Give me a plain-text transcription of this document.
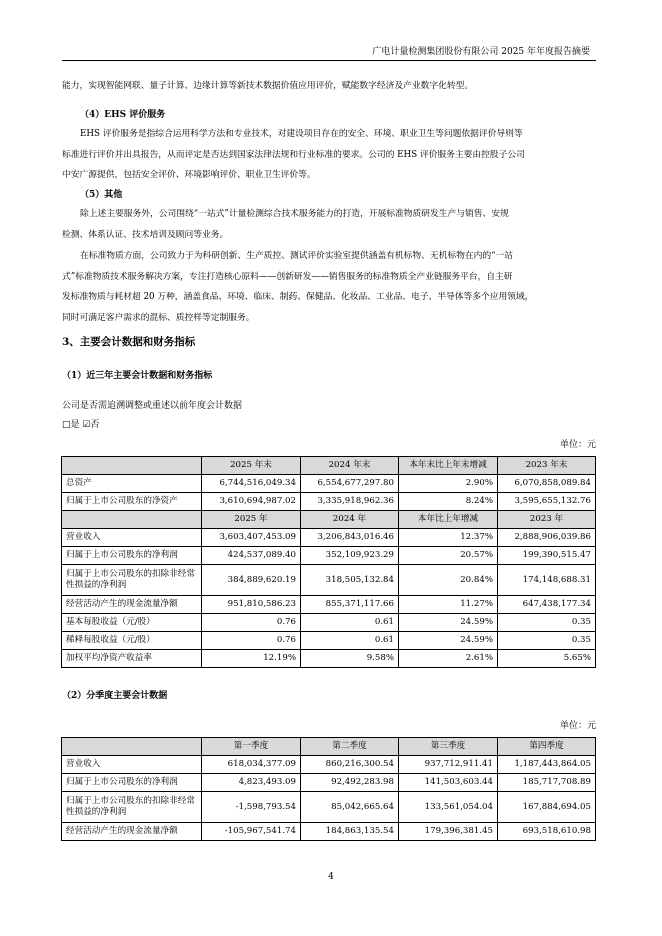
广电计量检测集团股份有限公司 2025 年年度报告摘要
能力，实现智能网联、量子计算、边缘计算等新技术数据价值应用评价，赋能数字经济及产业数字化转型。
（4）EHS 评价服务
EHS 评价服务是指综合运用科学方法和专业技术，对建设项目存在的安全、环境、职业卫生等问题依据评价导则等
标准进行评价并出具报告，从而评定是否达到国家法律法规和行业标准的要求。公司的 EHS 评价服务主要由控股子公司
中安广源提供，包括安全评价、环境影响评价、职业卫生评价等。
（5）其他
除上述主要服务外，公司围绕“一站式”计量检测综合技术服务能力的打造，开展标准物质研发生产与销售、安规
检测、体系认证、技术培训及顾问等业务。
在标准物质方面，公司致力于为科研创新、生产质控、测试评价实验室提供涵盖有机标物、无机标物在内的“一站
式”标准物质技术服务解决方案，专注打造核心原料——创新研发——销售服务的标准物质全产业链服务平台，自主研
发标准物质与耗材超 20 万种，涵盖食品、环境、临床、制药、保健品、化妆品、工业品、电子、半导体等多个应用领域，
同时可满足客户需求的混标、质控样等定制服务。
3、主要会计数据和财务指标
（1）近三年主要会计数据和财务指标
公司是否需追溯调整或重述以前年度会计数据
□是 ☑否
单位：元
	2025 年末	2024 年末	本年末比上年末增减	2023 年末
总资产	6,744,516,049.34	6,554,677,297.80	2.90%	6,070,858,089.84
归属于上市公司股东的净资产	3,610,694,987.02	3,335,918,962.36	8.24%	3,595,655,132.76
	2025 年	2024 年	本年比上年增减	2023 年
营业收入	3,603,407,453.09	3,206,843,016.46	12.37%	2,888,906,039.86
归属于上市公司股东的净利润	424,537,089.40	352,109,923.29	20.57%	199,390,515.47
归属于上市公司股东的扣除非经常性损益的净利润	384,889,620.19	318,505,132.84	20.84%	174,148,688.31
经营活动产生的现金流量净额	951,810,586.23	855,371,117.66	11.27%	647,438,177.34
基本每股收益（元/股）	0.76	0.61	24.59%	0.35
稀释每股收益（元/股）	0.76	0.61	24.59%	0.35
加权平均净资产收益率	12.19%	9.58%	2.61%	5.65%
（2）分季度主要会计数据
单位：元
	第一季度	第二季度	第三季度	第四季度
营业收入	618,034,377.09	860,216,300.54	937,712,911.41	1,187,443,864.05
归属于上市公司股东的净利润	4,823,493.09	92,492,283.98	141,503,603.44	185,717,708.89
归属于上市公司股东的扣除非经常性损益的净利润	-1,598,793.54	85,042,665.64	133,561,054.04	167,884,694.05
经营活动产生的现金流量净额	-105,967,541.74	184,863,135.54	179,396,381.45	693,518,610.98
4
